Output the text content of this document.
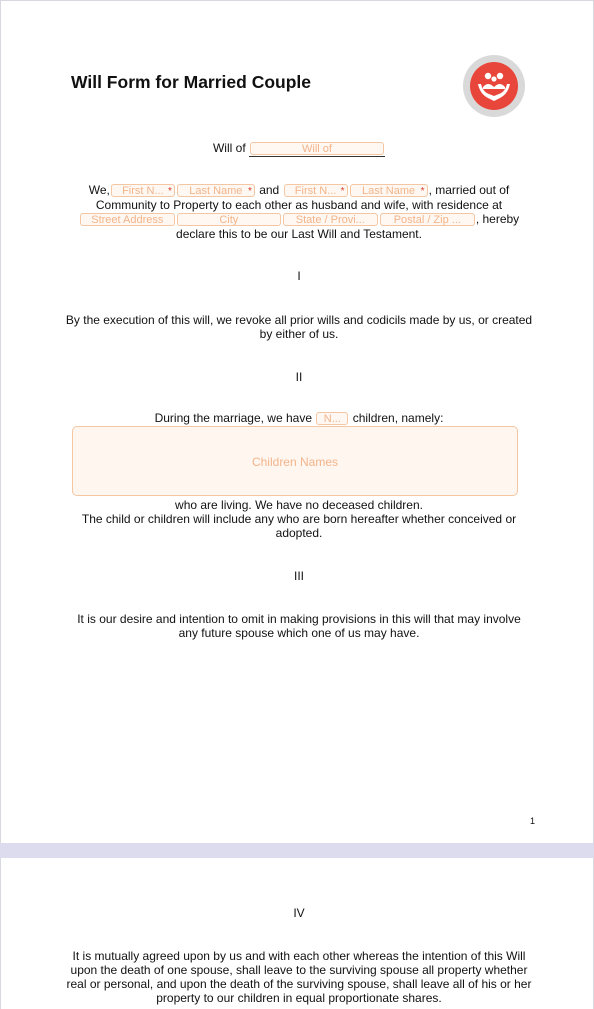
Will Form for Married Couple
Will of	Will of
We, First N... * Last Name * and First N... * Last Name * , married out of
Community to Property to each other as husband and wife, with residence at
Street Address	City	State / Provi...	Postal / Zip ... , hereby
declare this to be our Last Will and Testament.
I
By the execution of this will, we revoke all prior wills and codicils made by us, or created
by either of us.
II
During the marriage, we have N... children, namely:
Children Names
who are living. We have no deceased children.
The child or children will include any who are born hereafter whether conceived or
adopted.
III
It is our desire and intention to omit in making provisions in this will that may involve
any future spouse which one of us may have.
1
IV
It is mutually agreed upon by us and with each other whereas the intention of this Will
upon the death of one spouse, shall leave to the surviving spouse all property whether
real or personal, and upon the death of the surviving spouse, shall leave all of his or her
property to our children in equal proportionate shares.
